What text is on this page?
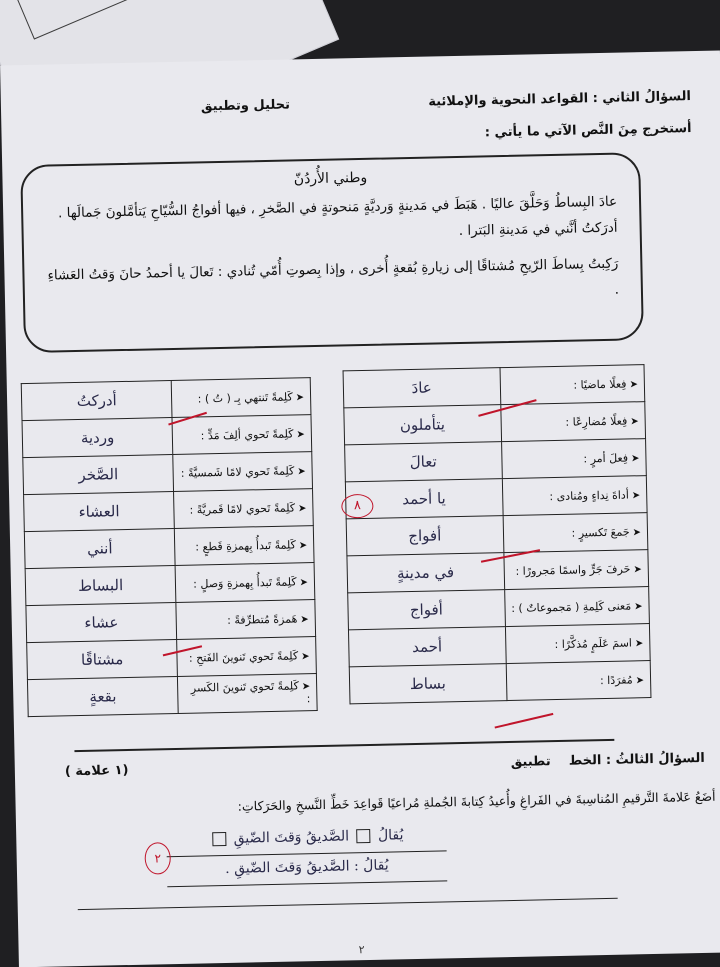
السؤالُ الثاني : القواعد النحوية والإملائية
تحليل وتطبيق
أستخرج مِنَ النَّص الآتي ما يأتي :
وطني الأُردُنّ

عادَ البِساطُ وَحَلَّقَ عاليًا . هَبَطَ في مَدينةٍ وَرديَّةٍ مَنحوتةٍ في الصَّخرِ ، فيها أفواجُ السُّيّاحِ يَتأمَّلونَ جَمالَها . أدرَكتُ أنَّني في مَدينةِ البَترا .

رَكِبتُ بِساطَ الرّيحِ مُشتاقًا إلى زيارةِ بُقعةٍ أُخرى ، وإذا بِصوتِ أُمّي تُنادي : تَعالَ يا أحمدُ حانَ وَقتُ العَشاءِ .

➤فِعلًا ماضيًا :	عادَ
➤فِعلًا مُضارِعًا :	يتأملون
➤فِعلَ أمرٍ :	تعالَ
➤أداةَ نِداءٍ ومُنادى :	يا أحمد
➤جَمعَ تَكسيرٍ :	أفواج
➤حَرفَ جَرٍّ واسمًا مَجرورًا :	في مدينةٍ
➤مَعنى كَلِمةِ ( مَجموعاتٌ ) :	أفواج
➤اسمَ عَلَمٍ مُذكَّرًا :	أحمد
➤مُفرَدًا :	بساط
➤كَلِمةً تَنتهي بِـ ( تُ ) :	أدركتُ
➤كَلِمةً تَحوي ألِفَ مَدٍّ :	وردية
➤كَلِمةً تَحوي لامًا شَمسيَّةً :	الصَّخر
➤كَلِمةً تَحوي لامًا قَمريَّةً :	العشاء
➤كَلِمةً تَبدأُ بِهمزةِ قَطعٍ :	أنني
➤كَلِمةً تَبدأُ بِهمزةِ وَصلٍ :	البساط
➤هَمزةً مُتطرِّفةً :	عشاء
➤كَلِمةً تَحوي تَنوينَ الفَتحِ :	مشتاقًا
➤كَلِمةً تَحوي تَنوينَ الكَسرِ :	بقعةٍ
٨
السؤالُ الثالثُ : الخط    تطبيق
(١ علامة )
أضَعُ عَلامةَ التَّرقيمِ المُناسِبةَ في الفَراغِ وأُعيدُ كِتابةَ الجُملةِ مُراعيًا قَواعِدَ خَطِّ النَّسخِ والحَرَكاتِ:
يُقالُ  الصَّديقُ وَقتَ الضّيقِ
يُقالُ : الصَّديقُ وَقتَ الضّيقِ .
٢
٢
